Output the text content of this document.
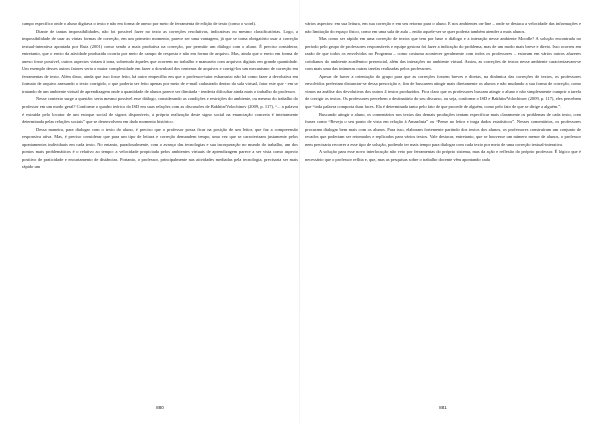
campo específico onde o aluno digitava o texto e não em forma de anexo por meio de ferramenta de edição de texto (como o word).

Diante de tantas impossibilidades, não foi possível fazer no texto as correções resolutivas, indicativas ou mesmo classificatórias. Logo, a impossibilidade de usar as várias formas de correção, em um primeiro momento, parece ser uma vantagem, já que se torna obrigatório usar a correção textual-interativa apontada por Ruiz (2001) como sendo a mais produtiva na correção, por permitir um diálogo com o aluno. É preciso considerar, entretanto, que o envio da atividade produzida ocorria por meio de campo de resposta e não em forma de arquivo. Mas, ainda que o envio em forma de anexo fosse possível, outros aspectos viriam à tona, sobretudo àqueles que ocorrem no trabalho e manuseio com arquivos digitais em grande quantidade. Um exemplo desses outros fatores seria o maior complexidade em fazer o download dos centenas de arquivos e corrigi-los um mecanismo de correção em ferramentas de texto. Além disso, ainda que isso fosse feito, há outro empecilho em que o professor-tutor esbarraria: não há como fazer a devolutiva em formato de arquivo anexando o texto corrigido, o que poderia ser feito apenas por meio de e-mail cadastrado dentro da sala virtual, fator este que - em se tratando de um ambiente virtual de aprendizagem onde a quantidade de alunos parece ser ilimitada - tenderia dificultar ainda mais o trabalho do professor.

Nesse contexto surge a questão: seria mesmo possível esse diálogo, considerando as condições e restrições do ambiente, ou mesmo do trabalho do professor em um modo geral? Conforme o quadro teórico do ISD em suas relações com as discussões de Bakhtin/Volochinov (2009, p. 117), “... a palavra é extraída pelo locutor de um estoque social de signos disponíveis, a própria realização deste signo social na enunciação concreta é inteiramente determinada pelas relações sociais” que se desenvolvem em dado momento histórico.

Dessa maneira, para dialogar com o texto do aluno, é preciso que o professor possa ficar na posição de um leitor, que faz a compreensão responsiva ativa. Mas, é preciso considerar que para um tipo de leitura e correção demandem tempo, uma vez que se caracterizam justamente pelos apontamentos individuais em cada texto. No entanto, paradoxalmente, com o avanço das tecnologias e sua incorporação no mundo do trabalho, um dos pontos mais problemáticos é o relativo ao tempo: a velocidade propiciada pelos ambientes virtuais de aprendizagem parece a ser vista como aspecto positivo de praticidade e encurtamento de distâncias. Portanto, o professor, principalmente nas atividades mediadas pela tecnologia, precisaria ser mais rápido um

880

vários aspectos: em sua leitura, em sua correção e em seu retorno para o aluno. E nos ambientes on-line – onde se destaca a velocidade das informações e não limitação do espaço físico, como em uma sala de aula – então aquele-ser se quer poderia também atender a mais alunos.

Mas como ser rápido em uma correção de textos que tem por base o diálogo e a interação nesse ambiente Moodle? A solução encontrada no período pelo grupo de professores responsáveis e equipe gestora foi fazer a indicação do problema, mas de um modo mais breve e direto. Isso ocorreu em razão de que todos os envolvidos no Programa – como costuma acontecer geralmente com todos os professores – estavam em vários outros afazeres cotidianos do ambiente acadêmico presencial, além das interações no ambiente virtual. Assim, as correções de textos nesse ambiente caracterizavam-se com mais uma das inúmeras outras tarefas realizadas pelos professores.

Apesar de haver a orientação do grupo para que as correções fossem breves e diretas, na dinâmica das correções de textos, os professores envolvidos preferiam distanciar-se dessa prescrição e, fim de buscarem atingir mais diretamente os alunos e não mudando a sua forma de correção, como vimos na análise dos devolutivas dos outros 4 textos produzidos. Fica claro que os professores buscam atingir o aluno e não simplesmente cumprir a tarefa de corrigir os textos. Os professores percebem o destinatário do seu discurso, ou seja, conforme o ISD e Bakhtin/Volochinov (2009, p. 117), eles percebem que “toda palavra comporta duas faces. Ela é determinada tanto pelo fato de que procede de alguém, como pelo fato de que se dirige a alguém.”.

Buscando atingir o aluno, os comentários nos textos das demais produções tentam especificar mais claramente os problemas de cada texto, com frases como “Reveja o seu ponto de vista em relação à Amazônia” ou “Pense no leitor e traga dados estatísticos”. Nesses comentários, os professores procuram dialogar bem mais com os alunos. Para isso, elaboram fortemente partindo dos textos dos alunos, os professores construíram um conjunto de recados que poderiam ser retomados e replicados para vários textos. Vale destacar, entretanto, que se houvesse um número menor de alunos, o professor nem precisaria recorrer a esse tipo de solução, podendo ter mais tempo para dialogar com cada texto por meio de uma correção textual-interativa.

A solução para esse novo interlocução não veio por ferramentas do próprio sistema, mas da ação e reflexão do próprio professor. É lógico que é necessário que o professor reflita e, que, mas as pesquisas sobre o trabalho docente vêm apontando cada

881
